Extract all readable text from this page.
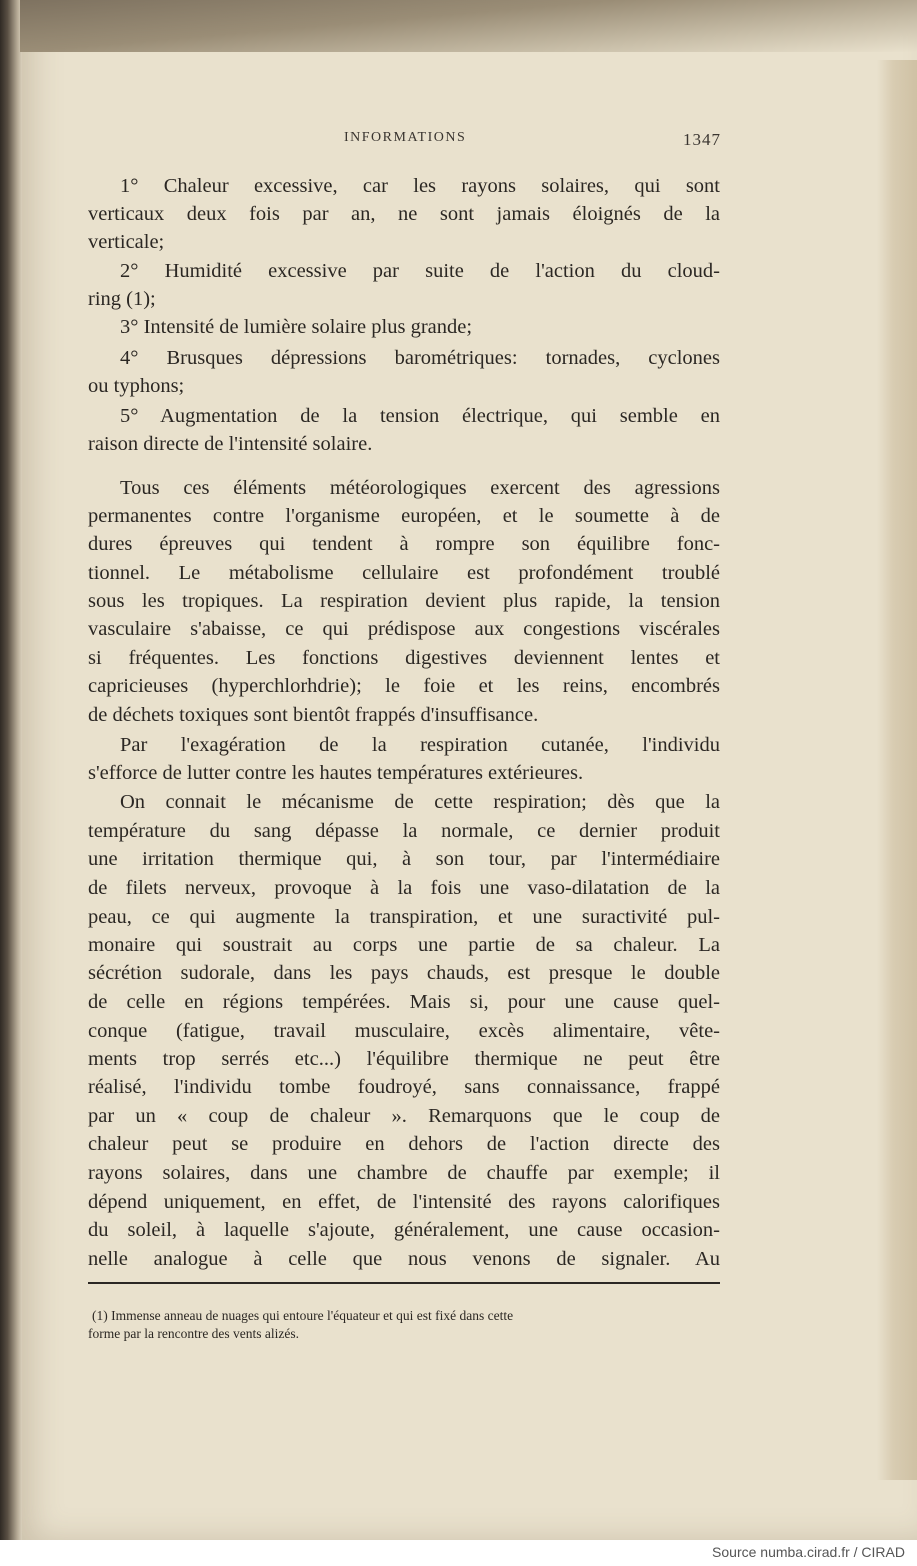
INFORMATIONS	1347
1° Chaleur excessive, car les rayons solaires, qui sont
verticaux deux fois par an, ne sont jamais éloignés de la
verticale;
2° Humidité excessive par suite de l'action du cloud-
ring (1);
3° Intensité de lumière solaire plus grande;
4° Brusques dépressions barométriques: tornades, cyclones
ou typhons;
5° Augmentation de la tension électrique, qui semble en
raison directe de l'intensité solaire.
Tous ces éléments météorologiques exercent des agressions
permanentes contre l'organisme européen, et le soumette à de
dures épreuves qui tendent à rompre son équilibre fonc-
tionnel. Le métabolisme cellulaire est profondément troublé
sous les tropiques. La respiration devient plus rapide, la tension
vasculaire s'abaisse, ce qui prédispose aux congestions viscérales
si fréquentes. Les fonctions digestives deviennent lentes et
capricieuses (hyperchlorhdrie); le foie et les reins, encombrés
de déchets toxiques sont bientôt frappés d'insuffisance.
Par l'exagération de la respiration cutanée, l'individu
s'efforce de lutter contre les hautes températures extérieures.
On connait le mécanisme de cette respiration; dès que la
température du sang dépasse la normale, ce dernier produit
une irritation thermique qui, à son tour, par l'intermédiaire
de filets nerveux, provoque à la fois une vaso-dilatation de la
peau, ce qui augmente la transpiration, et une suractivité pul-
monaire qui soustrait au corps une partie de sa chaleur. La
sécrétion sudorale, dans les pays chauds, est presque le double
de celle en régions tempérées. Mais si, pour une cause quel-
conque (fatigue, travail musculaire, excès alimentaire, vête-
ments trop serrés etc...) l'équilibre thermique ne peut être
réalisé, l'individu tombe foudroyé, sans connaissance, frappé
par un « coup de chaleur ». Remarquons que le coup de
chaleur peut se produire en dehors de l'action directe des
rayons solaires, dans une chambre de chauffe par exemple; il
dépend uniquement, en effet, de l'intensité des rayons calorifiques
du soleil, à laquelle s'ajoute, généralement, une cause occasion-
nelle analogue à celle que nous venons de signaler. Au
(1) Immense anneau de nuages qui entoure l'équateur et qui est fixé dans cette
forme par la rencontre des vents alizés.
Source numba.cirad.fr / CIRAD
